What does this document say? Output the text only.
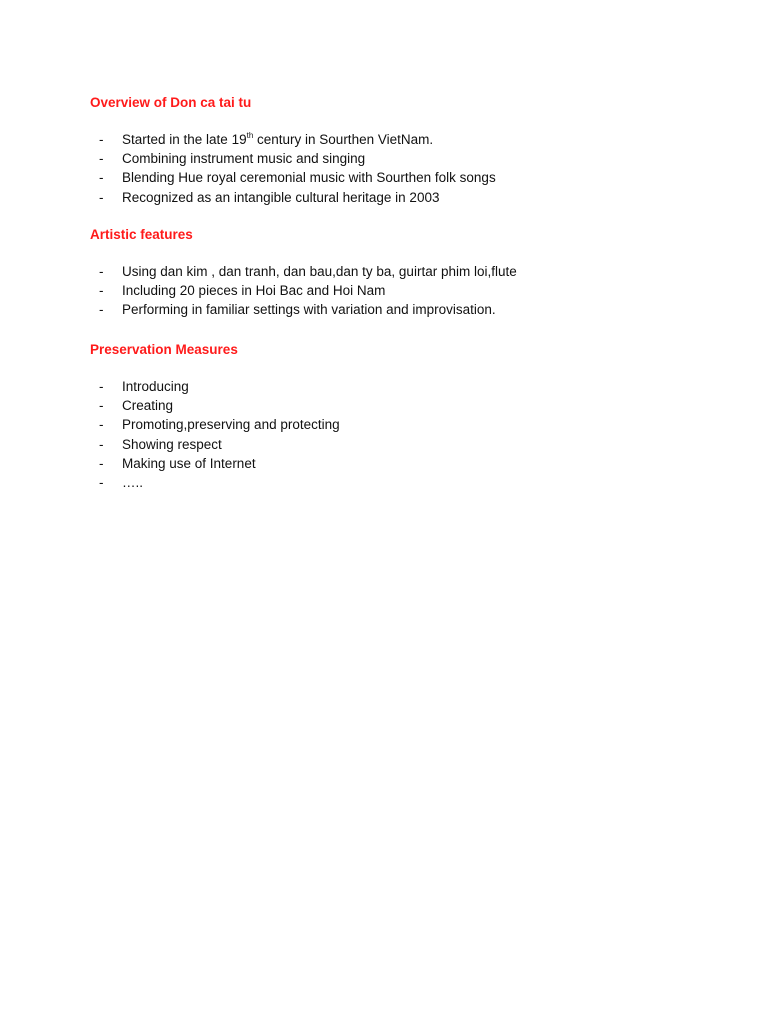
Overview of Don ca tai tu
- Started in the late 19th century in Sourthen VietNam.
- Combining instrument music and singing
- Blending Hue royal ceremonial music with Sourthen folk songs
- Recognized as an intangible cultural heritage in 2003
Artistic features
- Using dan kim , dan tranh, dan bau,dan ty ba, guirtar phim loi,flute
- Including 20 pieces in Hoi Bac and Hoi Nam
- Performing in familiar settings with variation and improvisation.
Preservation Measures
- Introducing
- Creating
- Promoting,preserving and protecting
- Showing respect
- Making use of Internet
- …..
